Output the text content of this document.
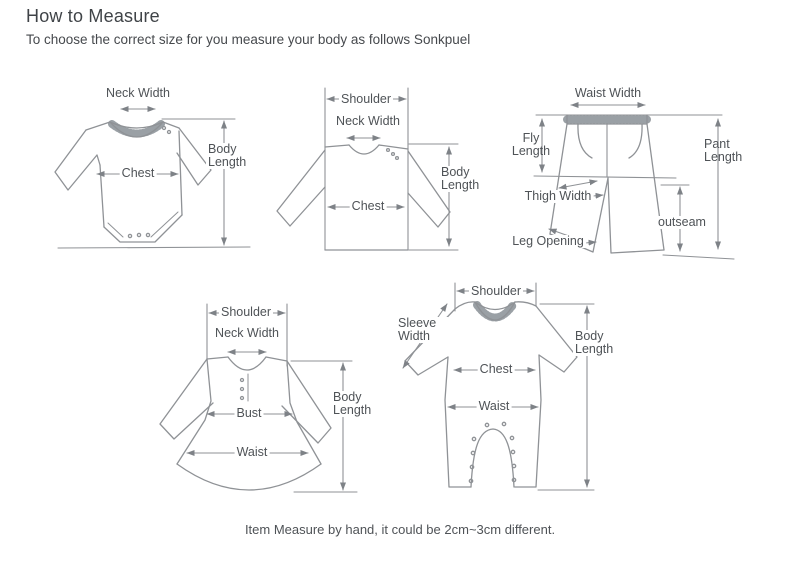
How to Measure

To choose the correct size for you measure your body as follows Sonkpuel

Neck Width
Chest
Body Length
Shoulder
Neck Width
Chest
Body Length
Waist Width
Fly Length	Pant Length
Thigh Width
outseam
Leg Opening
Shoulder
Neck Width
Bust
Waist
Body Length
Shoulder
Sleeve Width
Chest
Waist
Body Length

Item Measure by hand, it could be 2cm~3cm different.
